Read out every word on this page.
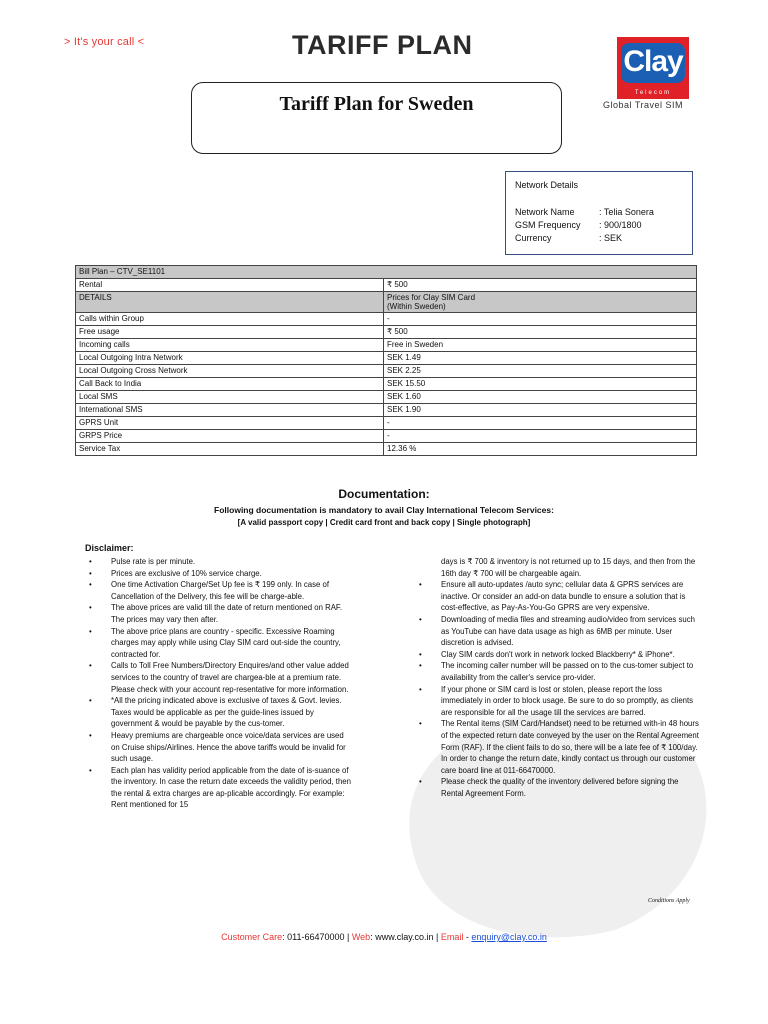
> It's your call <	TARIFF PLAN	Clay
Telecom
Global Travel SIM
Tariff Plan for Sweden
Network Details
Network Name	: Telia Sonera
GSM Frequency : 900/1800
Currency	: SEK
Bill Plan – CTV_SE1101	
Rental	₹ 500
DETAILS	Prices for Clay SIM Card
(Within Sweden)
Calls within Group	-
Free usage	₹ 500
Incoming calls	Free in Sweden
Local Outgoing Intra Network	SEK 1.49
Local Outgoing Cross Network	SEK 2.25
Call Back to India	SEK 15.50
Local SMS	SEK 1.60
International SMS	SEK 1.90
GPRS Unit	-
GRPS Price	-
Service Tax	12.36 %
Documentation:
Following documentation is mandatory to avail Clay International Telecom Services:
[A valid passport copy | Credit card front and back copy | Single photograph]
Disclaimer:
• Pulse rate is per minute.
• Prices are exclusive of 10% service charge.
• One time Activation Charge/Set Up fee is ₹ 199 only. In case of Cancellation of the Delivery, this fee will be charge-able.
• The above prices are valid till the date of return mentioned on RAF. The prices may vary then after.
• The above price plans are country - specific. Excessive Roaming charges may apply while using Clay SIM card out-side the country, contracted for.
• Calls to Toll Free Numbers/Directory Enquires/and other value added services to the country of travel are chargea-ble at a premium rate. Please check with your account rep-resentative for more information.
• *All the pricing indicated above is exclusive of taxes & Govt. levies. Taxes would be applicable as per the guide-lines issued by government & would be payable by the cus-tomer.
• Heavy premiums are chargeable once voice/data services are used on Cruise ships/Airlines. Hence the above tariffs would be invalid for such usage.
• Each plan has validity period applicable from the date of is-suance of the inventory. In case the return date exceeds the validity period, then the rental & extra charges are ap-plicable accordingly. For example: Rent mentioned for 15

days is ₹ 700 & inventory is not returned up to 15 days, and then from the 16th day ₹ 700 will be chargeable again.

• Ensure all auto-updates /auto sync; cellular data & GPRS services are inactive. Or consider an add-on data bundle to ensure a solution that is cost-effective, as Pay-As-You-Go GPRS are very expensive.
• Downloading of media files and streaming audio/video from services such as YouTube can have data usage as high as 6MB per minute. User discretion is advised.
• Clay SIM cards don't work in network locked Blackberry* & iPhone*.
• The incoming caller number will be passed on to the cus-tomer subject to availability from the caller's service pro-vider.
• If your phone or SIM card is lost or stolen, please report the loss immediately in order to block usage. Be sure to do so promptly, as clients are responsible for all the usage till the services are barred.
• The Rental items (SIM Card/Handset) need to be returned with-in 48 hours of the expected return date conveyed by the user on the Rental Agreement Form (RAF). If the client fails to do so, there will be a late fee of ₹ 100/day. In order to change the return date, kindly contact us through our customer care board line at 011-66470000.
• Please check the quality of the inventory delivered before signing the Rental Agreement Form.
Conditions Apply
Customer Care: 011-66470000 | Web: www.clay.co.in | Email - enquiry@clay.co.in
